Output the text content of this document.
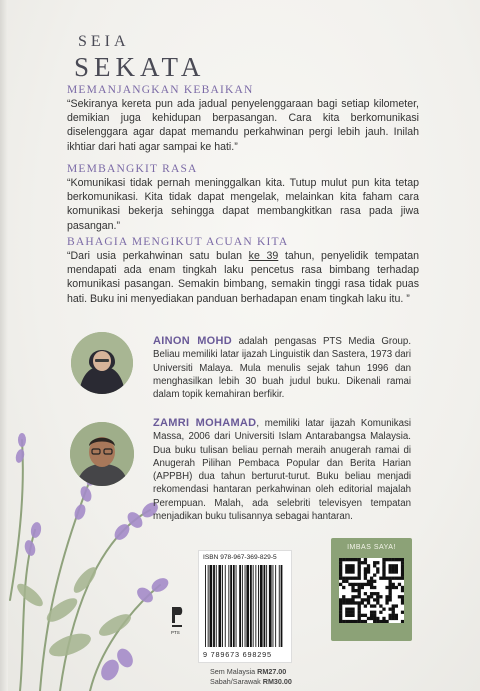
SEIA
SEKATA
MEMANJANGKAN KEBAIKAN
“Sekiranya kereta pun ada jadual penyelenggaraan bagi setiap kilometer, demikian juga kehidupan berpasangan. Cara kita berkomunikasi diselenggara agar dapat memandu perkahwinan pergi lebih jauh. Inilah ikhtiar dari hati agar sampai ke hati.”
MEMBANGKIT RASA
“Komunikasi tidak pernah meninggalkan kita. Tutup mulut pun kita tetap berkomunikasi. Kita tidak dapat mengelak, melainkan kita faham cara komunikasi bekerja sehingga dapat membangkitkan rasa pada jiwa pasangan.”
BAHAGIA MENGIKUT ACUAN KITA
“Dari usia perkahwinan satu bulan ke 39 tahun, penyelidik tempatan mendapati ada enam tingkah laku pencetus rasa bimbang terhadap komunikasi pasangan. Semakin bimbang, semakin tinggi rasa tidak puas hati. Buku ini menyediakan panduan berhadapan enam tingkah laku itu. ”
AINON MOHD adalah pengasas PTS Media Group. Beliau memiliki latar ijazah Linguistik dan Sastera, 1973 dari Universiti Malaya. Mula menulis sejak tahun 1996 dan menghasilkan lebih 30 buah judul buku. Dikenali ramai dalam topik kemahiran berfikir.
ZAMRI MOHAMAD, memiliki latar ijazah Komunikasi Massa, 2006 dari Universiti Islam Antarabangsa Malaysia. Dua buku tulisan beliau pernah meraih anugerah ramai di Anugerah Pilihan Pembaca Popular dan Berita Harian (APPBH) dua tahun berturut-turut. Buku beliau menjadi rekomendasi hantaran perkahwinan oleh editorial majalah Perempuan. Malah, ada selebriti televisyen tempatan menjadikan buku tulisannya sebagai hantaran.
PTS
ISBN 978-967-369-829-5
9 789673 698295
Sem Malaysia RM27.00
Sabah/Sarawak RM30.00
IMBAS SAYA!
